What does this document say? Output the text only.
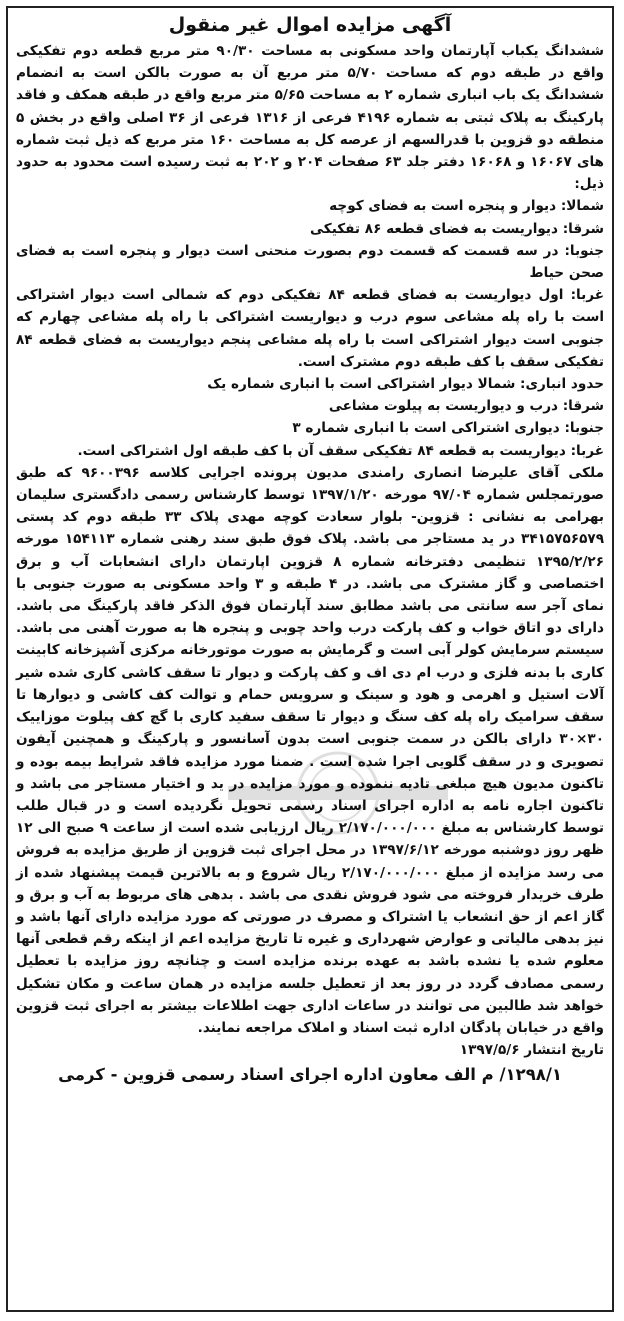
آگهی مزایده اموال غیر منقول

ششدانگ یکباب آپارتمان واحد مسکونی به مساحت ۹۰/۳۰ متر مربع قطعه دوم تفکیکی واقع در طبقه دوم که مساحت ۵/۷۰ متر مربع آن به صورت بالکن است به انضمام ششدانگ یک باب انباری شماره ۲ به مساحت ۵/۶۵ متر مربع واقع در طبقه همکف و فاقد پارکینگ به پلاک ثبتی به شماره ۴۱۹۶ فرعی از ۱۳۱۶ فرعی از ۳۶ اصلی واقع در بخش ۵ منطقه دو قزوین با قدرالسهم از عرصه کل به مساحت ۱۶۰ متر مربع که ذیل ثبت شماره های ۱۶۰۶۷ و ۱۶۰۶۸ دفتر جلد ۶۳ صفحات ۲۰۴ و ۲۰۲ به ثبت رسیده است محدود به حدود ذیل:

شمالا: دیوار و پنجره است به فضای کوچه

شرقا: دیواریست به فضای قطعه ۸۶ تفکیکی

جنوبا: در سه قسمت که قسمت دوم بصورت منحنی است دیوار و پنجره است به فضای صحن حیاط

غربا: اول دیواریست به فضای قطعه ۸۴ تفکیکی دوم که شمالی است دیوار اشتراکی است با راه پله مشاعی سوم درب و دیواریست اشتراکی با راه پله مشاعی چهارم که جنوبی است دیوار اشتراکی است با راه پله مشاعی پنجم دیواریست به فضای قطعه ۸۴ تفکیکی سقف با کف طبقه دوم مشترک است.

حدود انباری: شمالا دیوار اشتراکی است با انباری شماره یک

شرقا: درب و دیواریست به پیلوت مشاعی

جنوبا: دیواری اشتراکی است با انباری شماره ۳

غربا: دیواریست به قطعه ۸۴ تفکیکی سقف آن با کف طبقه اول اشتراکی است.

ملکی آقای علیرضا انصاری رامندی مدیون پرونده اجرایی کلاسه ۹۶۰۰۳۹۶ که طبق صورتمجلس شماره ۹۷/۰۴ مورخه ۱۳۹۷/۱/۲۰ توسط کارشناس رسمی دادگستری سلیمان بهرامی به نشانی : قزوین- بلوار سعادت کوچه مهدی پلاک ۳۳ طبقه دوم کد پستی ۳۴۱۵۷۵۶۵۷۹ در ید مستاجر می باشد. پلاک فوق طبق سند رهنی شماره ۱۵۴۱۱۳ مورخه ۱۳۹۵/۲/۲۶ تنظیمی دفترخانه شماره ۸ قزوین اپارتمان دارای انشعابات آب و برق اختصاصی و گاز مشترک می باشد. در ۴ طبقه و ۳ واحد مسکونی به صورت جنوبی با نمای آجر سه سانتی می باشد مطابق سند آپارتمان فوق الذکر فاقد پارکینگ می باشد. دارای دو اتاق خواب و کف پارکت درب واحد چوبی و پنجره ها به صورت آهنی می باشد. سیستم سرمایش کولر آبی است و گرمایش به صورت موتورخانه مرکزی آشپزخانه کابینت کاری با بدنه فلزی و درب ام دی اف و کف پارکت و دیوار تا سقف کاشی کاری شده شیر آلات استیل و اهرمی و هود و سینک و سرویس حمام و توالت کف کاشی و دیوارها تا سقف سرامیک راه پله کف سنگ و دیوار تا سقف سفید کاری با گچ کف پیلوت موزاییک ۳۰×۳۰ دارای بالکن در سمت جنوبی است بدون آسانسور و پارکینگ و همچنین آیفون تصویری و در سقف گلویی اجرا شده است . ضمنا مورد مزایده فاقد شرایط بیمه بوده و تاکنون مدیون هیچ مبلغی تادیه ننموده و مورد مزایده در ید و اختیار مستاجر می باشد و تاکنون اجاره نامه به اداره اجرای اسناد رسمی تحویل نگردیده است و در قبال طلب توسط کارشناس به مبلغ ۲/۱۷۰/۰۰۰/۰۰۰ ریال ارزیابی شده است از ساعت ۹ صبح الی ۱۲ ظهر روز دوشنبه مورخه ۱۳۹۷/۶/۱۲ در محل اجرای ثبت قزوین از طریق مزایده به فروش می رسد مزایده از مبلغ ۲/۱۷۰/۰۰۰/۰۰۰ ریال شروع و به بالاترین قیمت پیشنهاد شده از طرف خریدار فروخته می شود فروش نقدی می باشد . بدهی های مربوط به آب و برق و گاز اعم از حق انشعاب یا اشتراک و مصرف در صورتی که مورد مزایده دارای آنها باشد و نیز بدهی مالیاتی و عوارض شهرداری و غیره تا تاریخ مزایده اعم از اینکه رقم قطعی آنها معلوم شده یا نشده باشد به عهده برنده مزایده است و چنانچه روز مزایده با تعطیل رسمی مصادف گردد در روز بعد از تعطیل جلسه مزایده در همان ساعت و مکان تشکیل خواهد شد طالبین می توانند در ساعات اداری جهت اطلاعات بیشتر به اجرای ثبت قزوین واقع در خیابان پادگان اداره ثبت اسناد و املاک مراجعه نمایند.

تاریخ انتشار ۱۳۹۷/۵/۶

۱۲۹۸/۱/ م الف معاون اداره اجرای اسناد رسمی قزوین - کرمی
